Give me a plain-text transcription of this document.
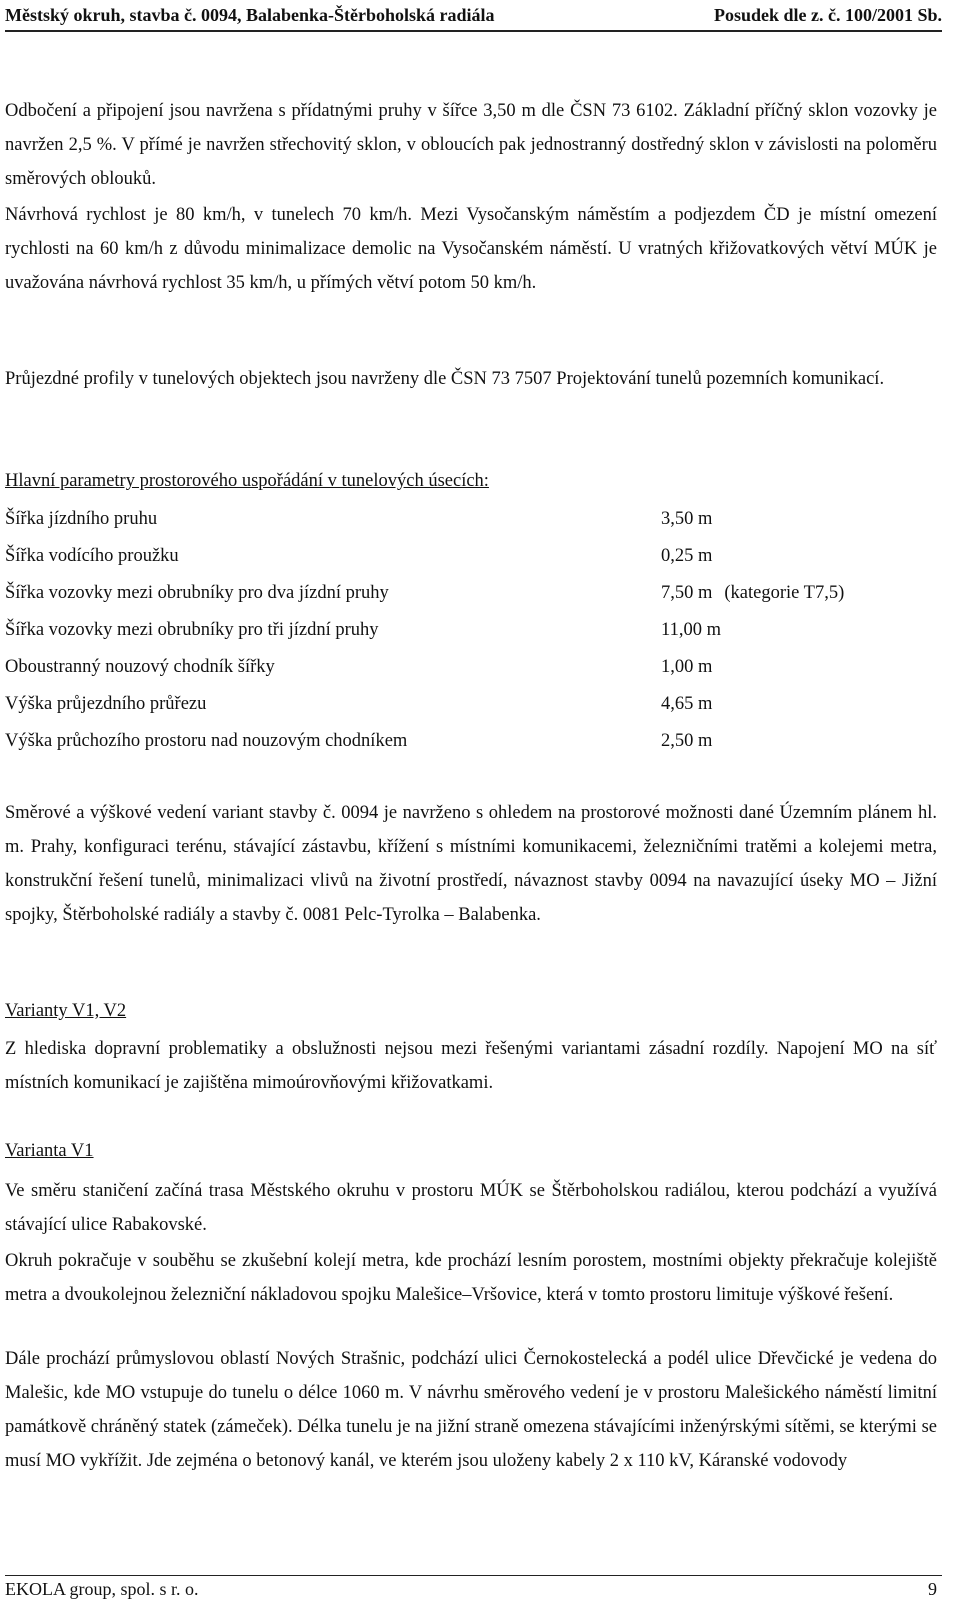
Městský okruh, stavba č. 0094, Balabenka-Štěrboholská radiála	Posudek dle z. č. 100/2001 Sb.

Odbočení a připojení jsou navržena s přídatnými pruhy v šířce 3,50 m dle ČSN 73 6102. Základní příčný sklon vozovky je navržen 2,5 %. V přímé je navržen střechovitý sklon, v obloucích pak jednostranný dostředný sklon v závislosti na poloměru směrových oblouků.

Návrhová rychlost je 80 km/h, v tunelech 70 km/h. Mezi Vysočanským náměstím a podjezdem ČD je místní omezení rychlosti na 60 km/h z důvodu minimalizace demolic na Vysočanském náměstí. U vratných křižovatkových větví MÚK je uvažována návrhová rychlost 35 km/h, u přímých větví potom 50 km/h.

Průjezdné profily v tunelových objektech jsou navrženy dle ČSN 73 7507 Projektování tunelů pozemních komunikací.

Hlavní parametry prostorového uspořádání v tunelových úsecích:

Šířka jízdního pruhu	3,50 m
Šířka vodícího proužku	0,25 m
Šířka vozovky mezi obrubníky pro dva jízdní pruhy	7,50 m (kategorie T7,5)
Šířka vozovky mezi obrubníky pro tři jízdní pruhy	11,00 m
Oboustranný nouzový chodník šířky	1,00 m
Výška průjezdního průřezu	4,65 m
Výška průchozího prostoru nad nouzovým chodníkem	2,50 m

Směrové a výškové vedení variant stavby č. 0094 je navrženo s ohledem na prostorové možnosti dané Územním plánem hl. m. Prahy, konfiguraci terénu, stávající zástavbu, křížení s místními komunikacemi, železničními tratěmi a kolejemi metra, konstrukční řešení tunelů, minimalizaci vlivů na životní prostředí, návaznost stavby 0094 na navazující úseky MO – Jižní spojky, Štěrboholské radiály a stavby č. 0081 Pelc-Tyrolka – Balabenka.

Varianty V1, V2

Z hlediska dopravní problematiky a obslužnosti nejsou mezi řešenými variantami zásadní rozdíly. Napojení MO na síť místních komunikací je zajištěna mimoúrovňovými křižovatkami.

Varianta V1

Ve směru staničení začíná trasa Městského okruhu v prostoru MÚK se Štěrboholskou radiálou, kterou podchází a využívá stávající ulice Rabakovské.

Okruh pokračuje v souběhu se zkušební kolejí metra, kde prochází lesním porostem, mostními objekty překračuje kolejiště metra a dvoukolejnou železniční nákladovou spojku Malešice–Vršovice, která v tomto prostoru limituje výškové řešení.

Dále prochází průmyslovou oblastí Nových Strašnic, podchází ulici Černokostelecká a podél ulice Dřevčické je vedena do Malešic, kde MO vstupuje do tunelu o délce 1060 m. V návrhu směrového vedení je v prostoru Malešického náměstí limitní památkově chráněný statek (zámeček). Délka tunelu je na jižní straně omezena stávajícími inženýrskými sítěmi, se kterými se musí MO vykřížit. Jde zejména o betonový kanál, ve kterém jsou uloženy kabely 2 x 110 kV, Káranské vodovody

EKOLA group, spol. s r. o.	9
